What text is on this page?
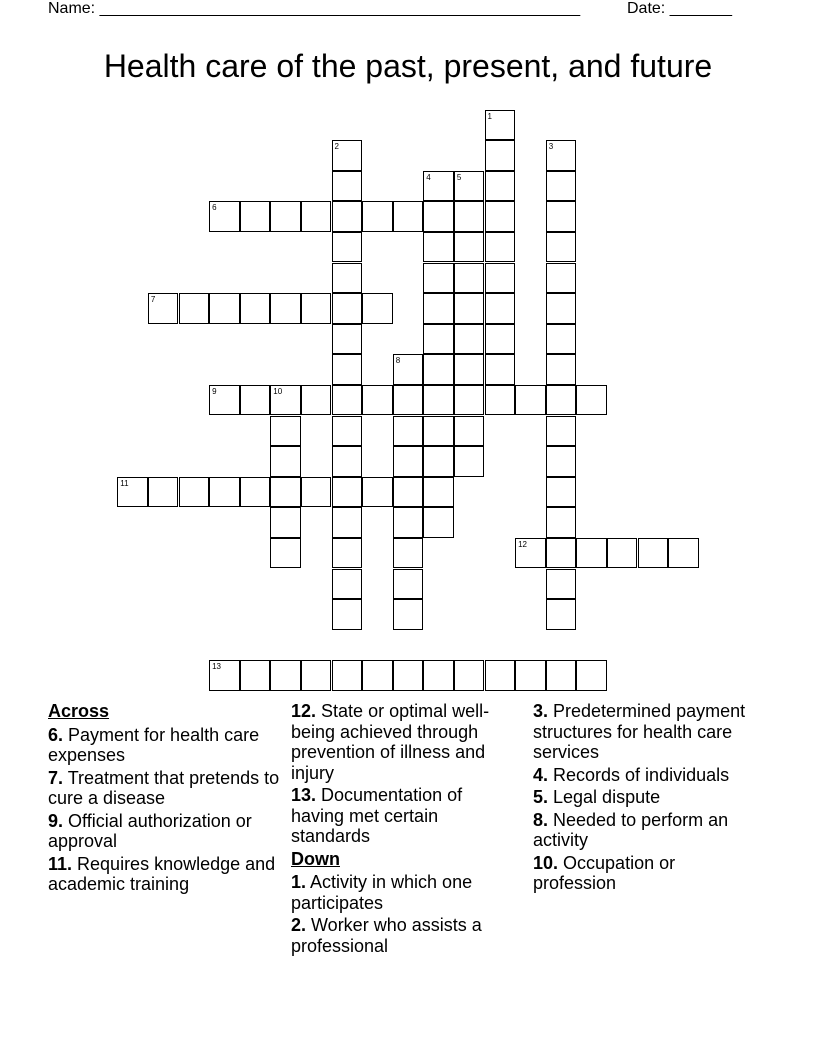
Name: ______________________________________________________	Date: _______
Health care of the past, present, and future
1
2	3
4	5
6
7
8
9	10
11
12
13
Across
6. Payment for health care expenses
7. Treatment that pretends to cure a disease
9. Official authorization or approval
11. Requires knowledge and academic training
12. State or optimal well-being achieved through prevention of illness and injury
13. Documentation of having met certain standards
Down
1. Activity in which one participates
2. Worker who assists a professional
3. Predetermined payment structures for health care services
4. Records of individuals
5. Legal dispute
8. Needed to perform an activity
10. Occupation or profession
